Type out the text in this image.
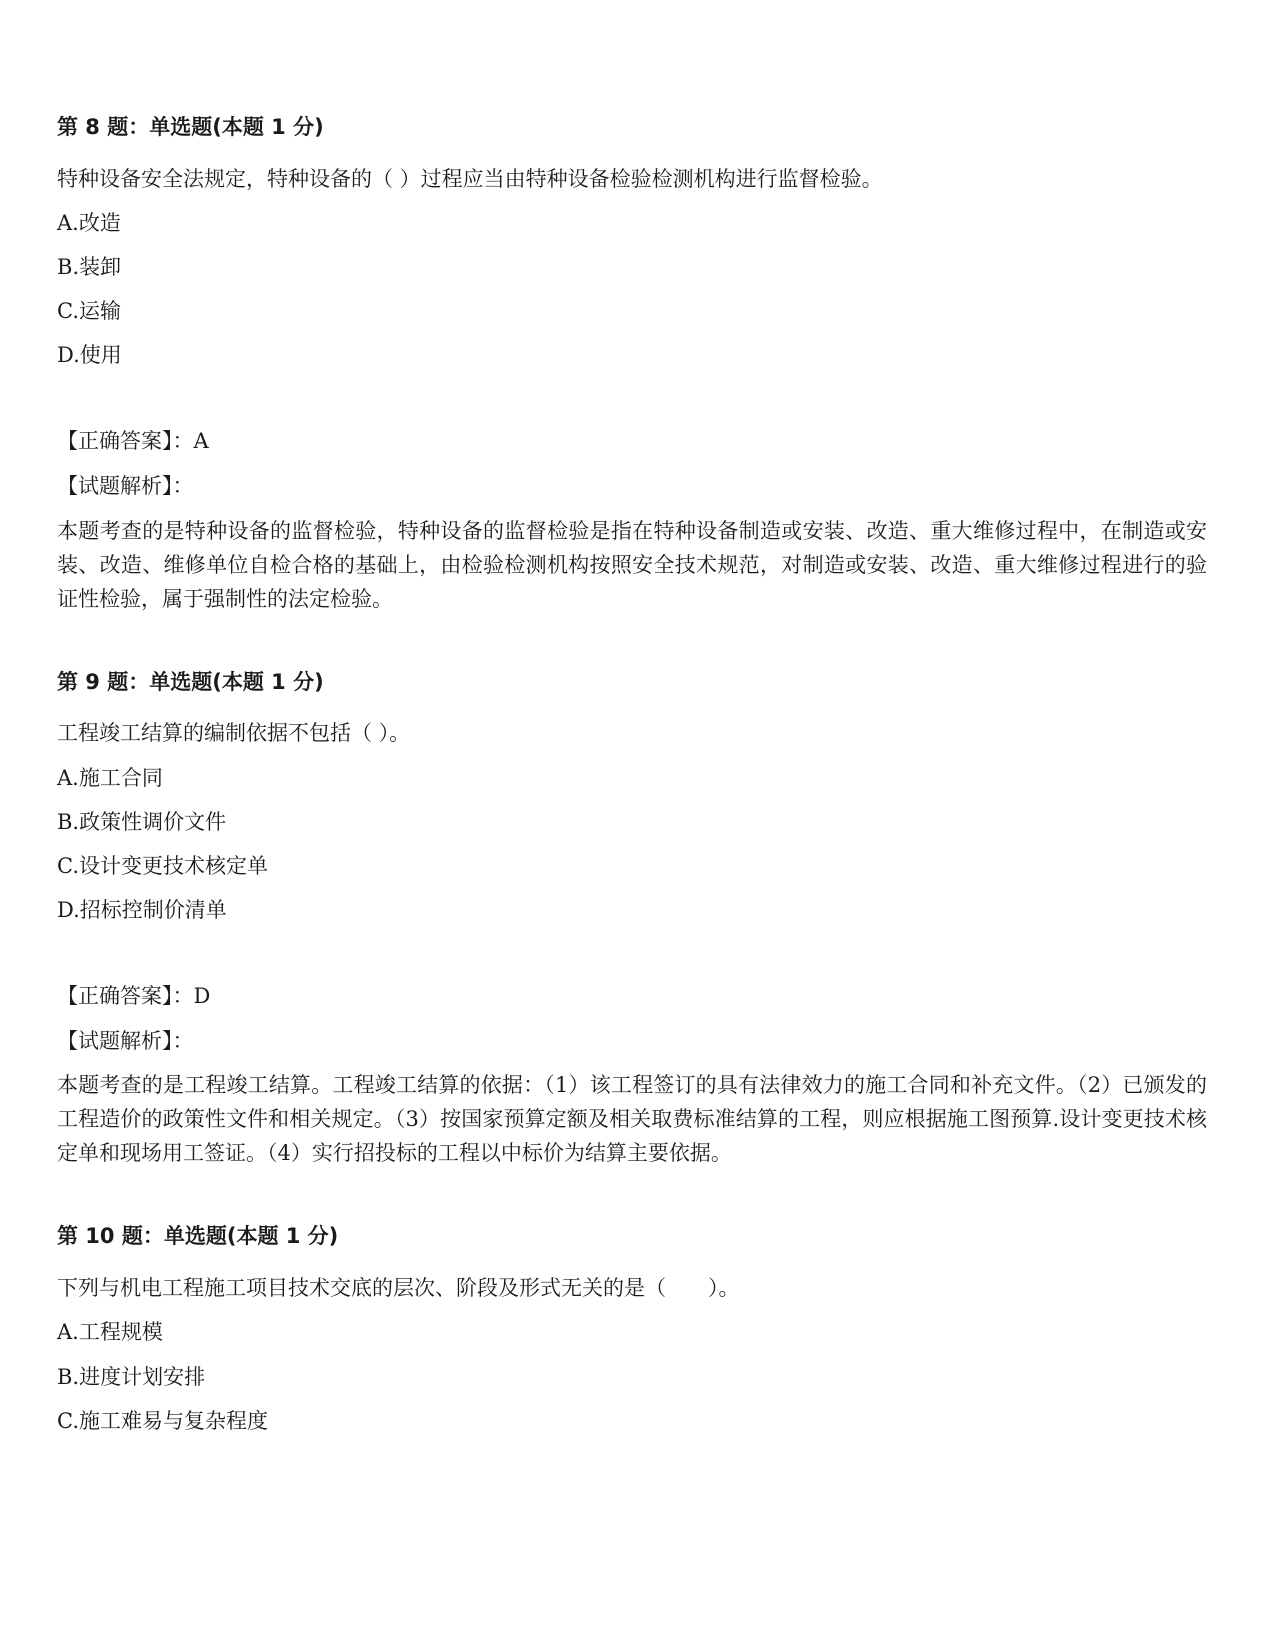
第 8 题：单选题(本题 1 分)
特种设备安全法规定，特种设备的（ ）过程应当由特种设备检验检测机构进行监督检验。
A.改造
B.装卸
C.运输
D.使用
【正确答案】：A
【试题解析】：
本题考查的是特种设备的监督检验，特种设备的监督检验是指在特种设备制造或安装、改造、重大维修过程中，在制造或安装、改造、维修单位自检合格的基础上，由检验检测机构按照安全技术规范，对制造或安装、改造、重大维修过程进行的验证性检验，属于强制性的法定检验。
第 9 题：单选题(本题 1 分)
工程竣工结算的编制依据不包括（ ）。
A.施工合同
B.政策性调价文件
C.设计变更技术核定单
D.招标控制价清单
【正确答案】：D
【试题解析】：
本题考查的是工程竣工结算。工程竣工结算的依据：（1）该工程签订的具有法律效力的施工合同和补充文件。（2）已颁发的工程造价的政策性文件和相关规定。（3）按国家预算定额及相关取费标准结算的工程，则应根据施工图预算.设计变更技术核定单和现场用工签证。（4）实行招投标的工程以中标价为结算主要依据。
第 10 题：单选题(本题 1 分)
下列与机电工程施工项目技术交底的层次、阶段及形式无关的是（　　）。
A.工程规模
B.进度计划安排
C.施工难易与复杂程度
